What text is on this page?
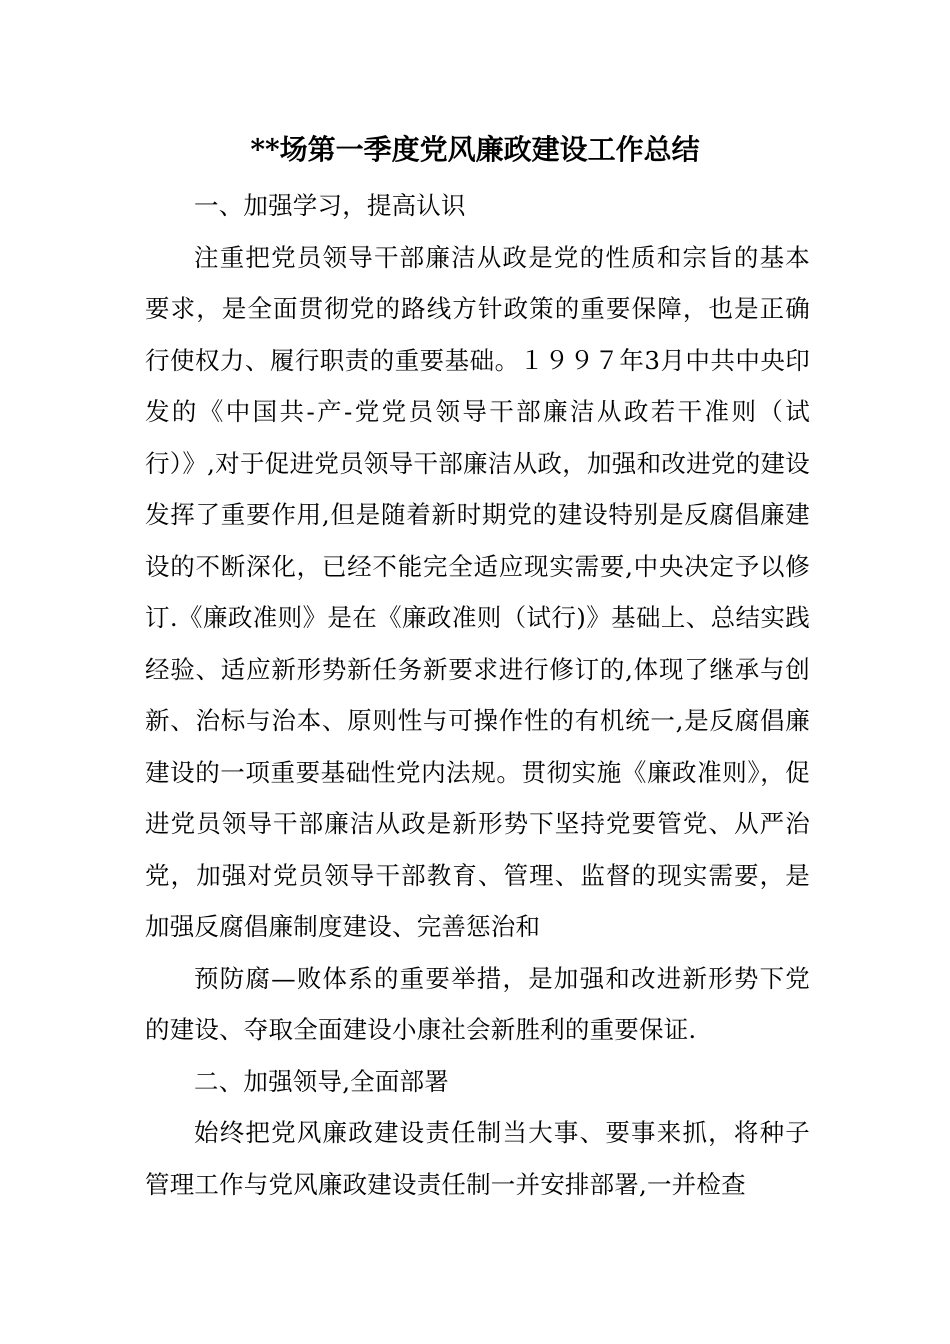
**场第一季度党风廉政建设工作总结

一、加强学习，提高认识

注重把党员领导干部廉洁从政是党的性质和宗旨的基本要求，是全面贯彻党的路线方针政策的重要保障，也是正确行使权力、履行职责的重要基础。１９９７年3月中共中央印发的《中国共-产-党党员领导干部廉洁从政若干准则（试行）》,对于促进党员领导干部廉洁从政，加强和改进党的建设发挥了重要作用,但是随着新时期党的建设特别是反腐倡廉建设的不断深化，已经不能完全适应现实需要,中央决定予以修订.《廉政准则》是在《廉政准则（试行)》基础上、总结实践经验、适应新形势新任务新要求进行修订的,体现了继承与创新、治标与治本、原则性与可操作性的有机统一,是反腐倡廉建设的一项重要基础性党内法规。贯彻实施《廉政准则》，促进党员领导干部廉洁从政是新形势下坚持党要管党、从严治党，加强对党员领导干部教育、管理、监督的现实需要，是加强反腐倡廉制度建设、完善惩治和

预防腐—败体系的重要举措，是加强和改进新形势下党的建设、夺取全面建设小康社会新胜利的重要保证.

二、加强领导,全面部署

始终把党风廉政建设责任制当大事、要事来抓，将种子管理工作与党风廉政建设责任制一并安排部署,一并检查
